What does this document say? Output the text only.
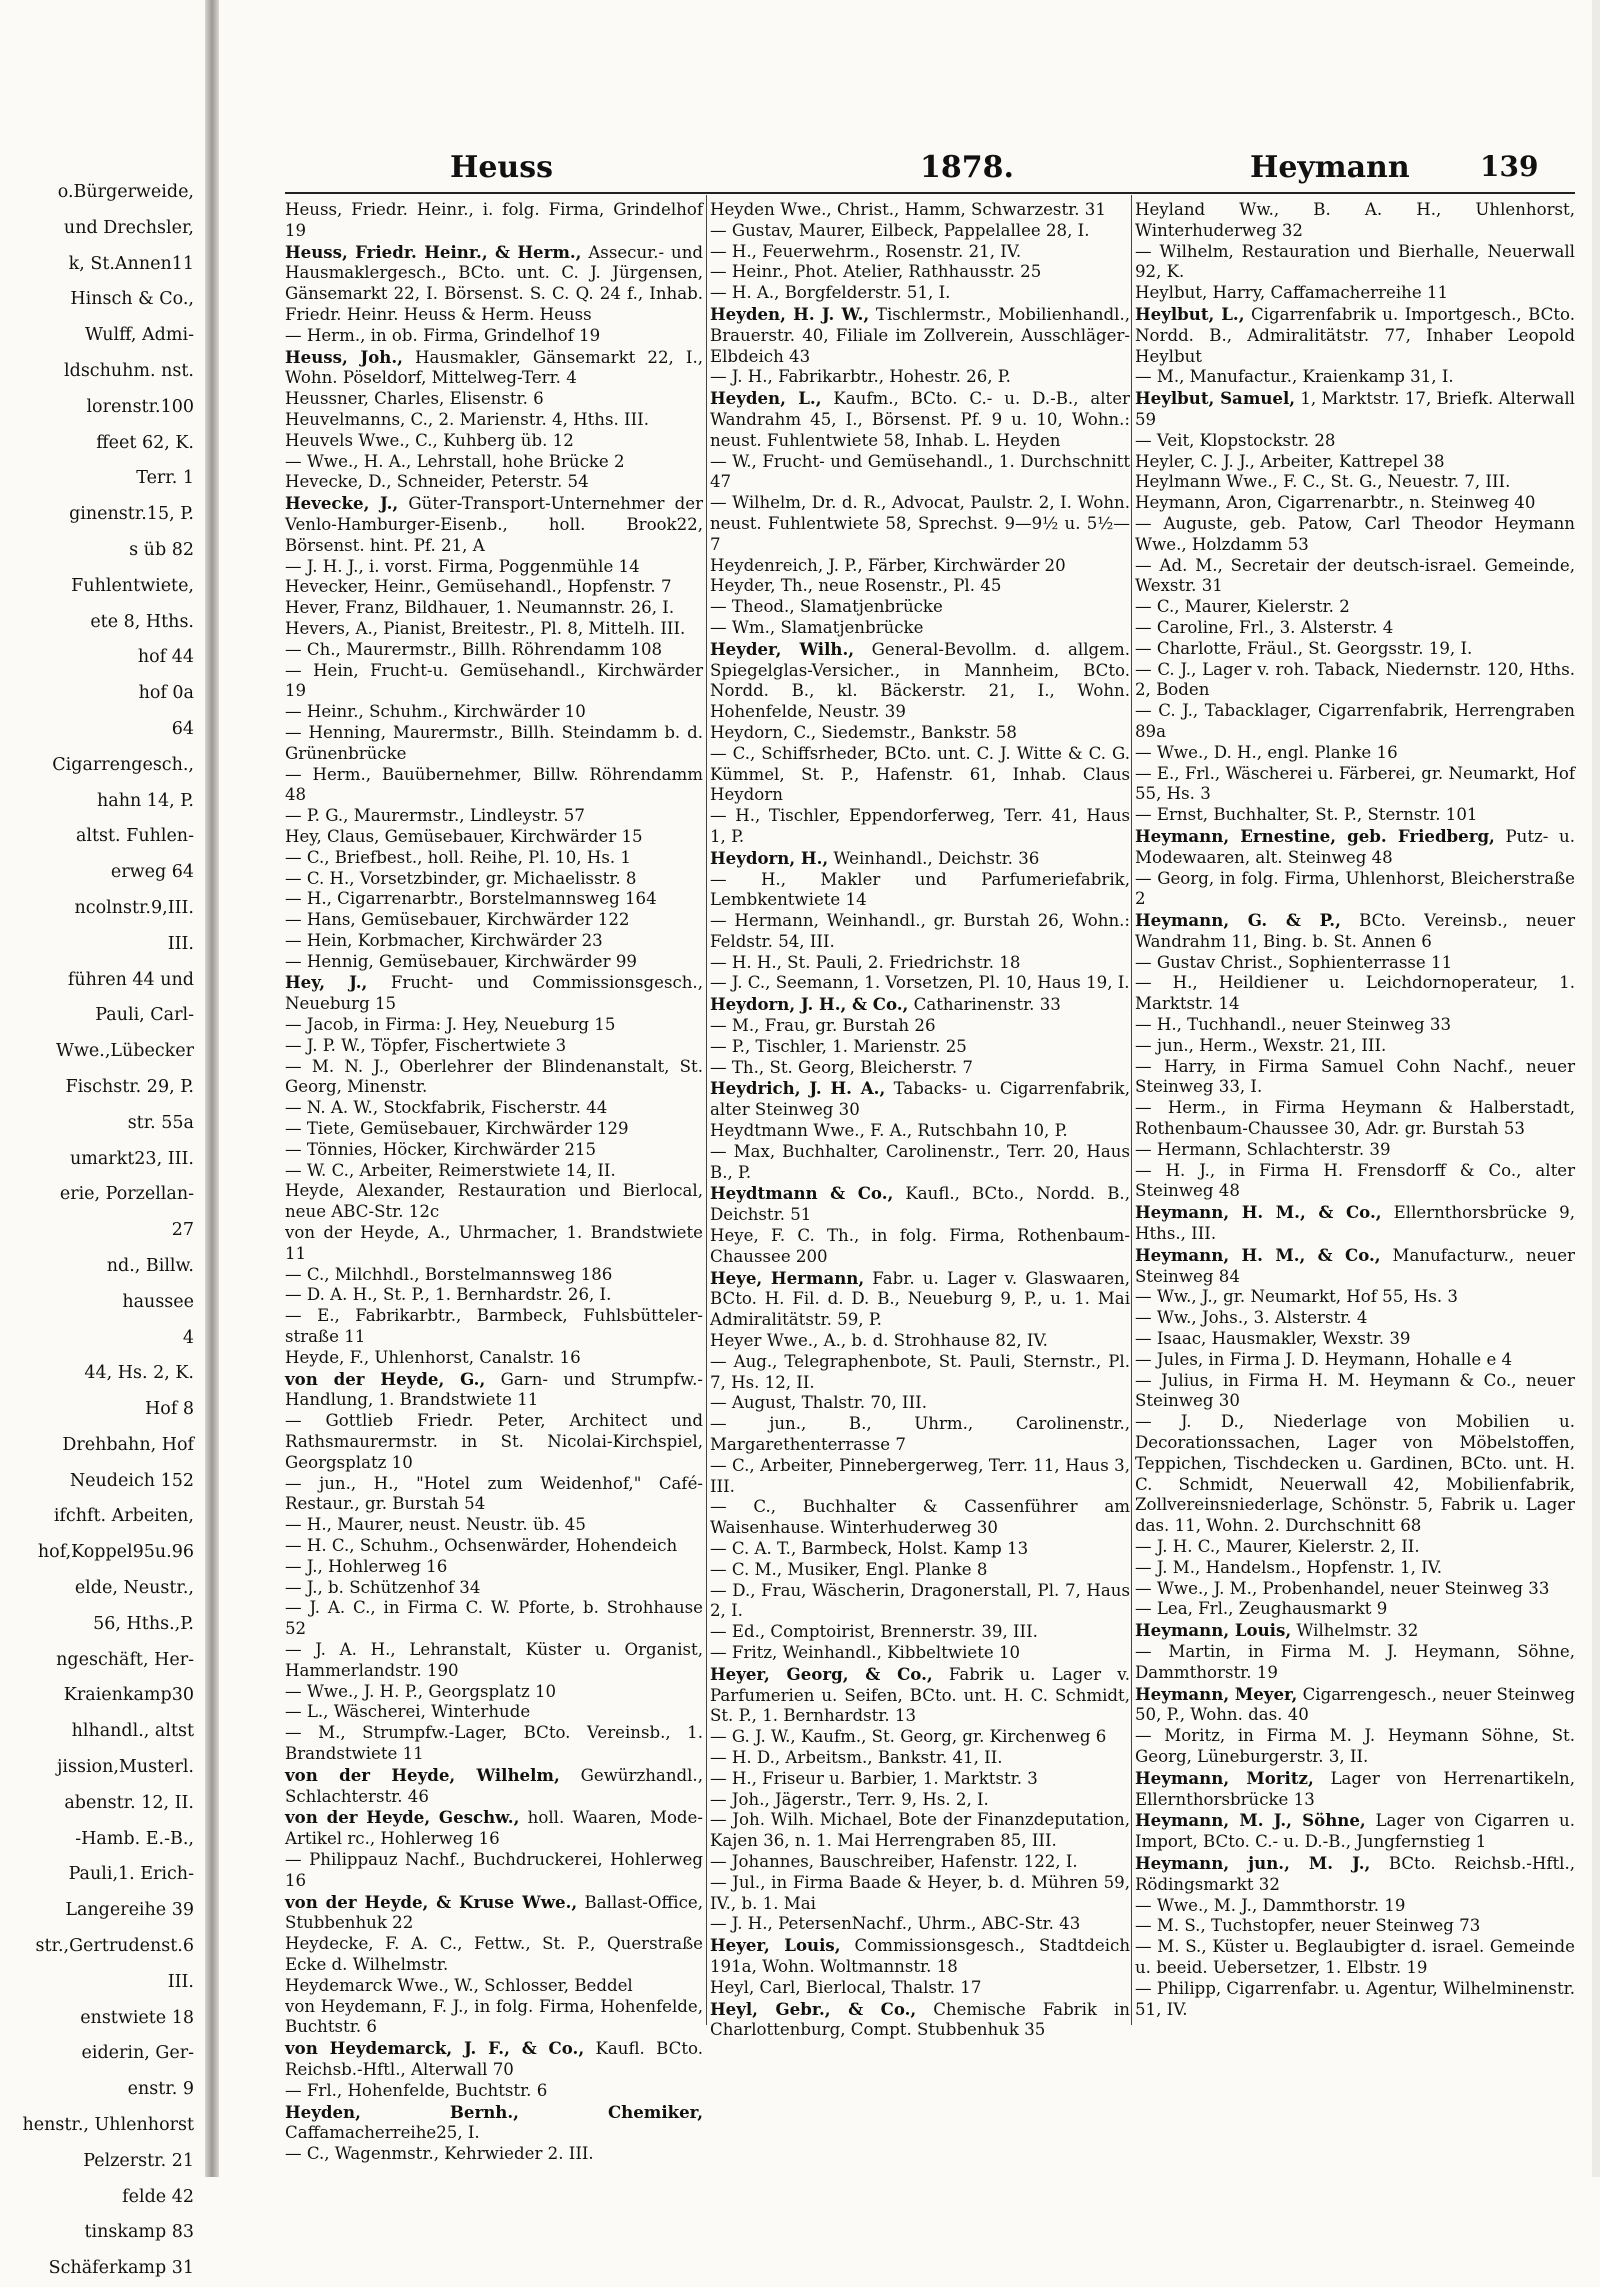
o.Bürgerweide,
und Drechsler,
k, St.Annen11
Hinsch & Co.,
Wulff, Admi-
ldschuhm. nst.
lorenstr.100
ffeet 62, K.
Terr. 1
ginenstr.15, P.
s üb 82
Fuhlentwiete,
ete 8, Hths.
hof 44
hof 0a
64
Cigarrengesch.,
hahn 14, P.
altst. Fuhlen-
erweg 64
ncolnstr.9,III.
III.
führen 44 und
Pauli, Carl-
Wwe.,Lübecker
Fischstr. 29, P.
str. 55a
umarkt23, III.
erie, Porzellan-
27
nd., Billw.
haussee
4
44, Hs. 2, K.
Hof 8
Drehbahn, Hof
Neudeich 152
ifchft. Arbeiten,
hof,Koppel95u.96
elde, Neustr.,
56, Hths.,P.
ngeschäft, Her-
Kraienkamp30
hlhandl., altst
jission,Musterl.
abenstr. 12, II.
-Hamb. E.-B.,
Pauli,1. Erich-
Langereihe 39
str.,Gertrudenst.6
III.
enstwiete 18
eiderin, Ger-
enstr. 9
henstr., Uhlenhorst
Pelzerstr. 21
felde 42
tinskamp 83
Schäferkamp 31
Heuss	1878.	Heymann	139
Heuss, Friedr. Heinr., i. folg. Firma, Grindelhof 19
Heuss, Friedr. Heinr., & Herm., Assecur.- und Hausmaklergesch., BCto. unt. C. J. Jürgensen, Gänsemarkt 22, I. Börsenst. S. C. Q. 24 f., Inhab. Friedr. Heinr. Heuss & Herm. Heuss
— Herm., in ob. Firma, Grindelhof 19
Heuss, Joh., Hausmakler, Gänsemarkt 22, I., Wohn. Pöseldorf, Mittelweg-Terr. 4
Heussner, Charles, Elisenstr. 6
Heuvelmanns, C., 2. Marienstr. 4, Hths. III.
Heuvels Wwe., C., Kuhberg üb. 12
— Wwe., H. A., Lehrstall, hohe Brücke 2
Hevecke, D., Schneider, Peterstr. 54
Hevecke, J., Güter-Transport-Unternehmer der Venlo-Hamburger-Eisenb., holl. Brook22, Börsenst. hint. Pf. 21, A
— J. H. J., i. vorst. Firma, Poggenmühle 14
Hevecker, Heinr., Gemüsehandl., Hopfenstr. 7
Hever, Franz, Bildhauer, 1. Neumannstr. 26, I.
Hevers, A., Pianist, Breitestr., Pl. 8, Mittelh. III.
— Ch., Maurermstr., Billh. Röhrendamm 108
— Hein, Frucht-u. Gemüsehandl., Kirchwärder 19
— Heinr., Schuhm., Kirchwärder 10
— Henning, Maurermstr., Billh. Steindamm b. d. Grünenbrücke
— Herm., Bauübernehmer, Billw. Röhrendamm 48
— P. G., Maurermstr., Lindleystr. 57
Hey, Claus, Gemüsebauer, Kirchwärder 15
— C., Briefbest., holl. Reihe, Pl. 10, Hs. 1
— C. H., Vorsetzbinder, gr. Michaelisstr. 8
— H., Cigarrenarbtr., Borstelmannsweg 164
— Hans, Gemüsebauer, Kirchwärder 122
— Hein, Korbmacher, Kirchwärder 23
— Hennig, Gemüsebauer, Kirchwärder 99
Hey, J., Frucht- und Commissionsgesch., Neueburg 15
— Jacob, in Firma: J. Hey, Neueburg 15
— J. P. W., Töpfer, Fischertwiete 3
— M. N. J., Oberlehrer der Blindenanstalt, St. Georg, Minenstr.
— N. A. W., Stockfabrik, Fischerstr. 44
— Tiete, Gemüsebauer, Kirchwärder 129
— Tönnies, Höcker, Kirchwärder 215
— W. C., Arbeiter, Reimerstwiete 14, II.
Heyde, Alexander, Restauration und Bierlocal, neue ABC-Str. 12c
von der Heyde, A., Uhrmacher, 1. Brandstwiete 11
— C., Milchhdl., Borstelmannsweg 186
— D. A. H., St. P., 1. Bernhardstr. 26, I.
— E., Fabrikarbtr., Barmbeck, Fuhlsbütteler-straße 11
Heyde, F., Uhlenhorst, Canalstr. 16
von der Heyde, G., Garn- und Strumpfw.-Handlung, 1. Brandstwiete 11
— Gottlieb Friedr. Peter, Architect und Rathsmaurermstr. in St. Nicolai-Kirchspiel, Georgsplatz 10
— jun., H., "Hotel zum Weidenhof," Café-Restaur., gr. Burstah 54
— H., Maurer, neust. Neustr. üb. 45
— H. C., Schuhm., Ochsenwärder, Hohendeich
— J., Hohlerweg 16
— J., b. Schützenhof 34
— J. A. C., in Firma C. W. Pforte, b. Strohhause 52
— J. A. H., Lehranstalt, Küster u. Organist, Hammerlandstr. 190
— Wwe., J. H. P., Georgsplatz 10
— L., Wäscherei, Winterhude
— M., Strumpfw.-Lager, BCto. Vereinsb., 1. Brandstwiete 11
von der Heyde, Wilhelm, Gewürzhandl., Schlachterstr. 46
von der Heyde, Geschw., holl. Waaren, Mode-Artikel rc., Hohlerweg 16
— Philippauz Nachf., Buchdruckerei, Hohlerweg 16
von der Heyde, & Kruse Wwe., Ballast-Office, Stubbenhuk 22
Heydecke, F. A. C., Fettw., St. P., Querstraße Ecke d. Wilhelmstr.
Heydemarck Wwe., W., Schlosser, Beddel
von Heydemann, F. J., in folg. Firma, Hohenfelde, Buchtstr. 6
von Heydemarck, J. F., & Co., Kaufl. BCto. Reichsb.-Hftl., Alterwall 70
— Frl., Hohenfelde, Buchtstr. 6
Heyden, Bernh., Chemiker, Caffamacherreihe25, I.
— C., Wagenmstr., Kehrwieder 2. III.
Heyden Wwe., Christ., Hamm, Schwarzestr. 31
— Gustav, Maurer, Eilbeck, Pappelallee 28, I.
— H., Feuerwehrm., Rosenstr. 21, IV.
— Heinr., Phot. Atelier, Rathhausstr. 25
— H. A., Borgfelderstr. 51, I.
Heyden, H. J. W., Tischlermstr., Mobilienhandl., Brauerstr. 40, Filiale im Zollverein, Ausschläger-Elbdeich 43
— J. H., Fabrikarbtr., Hohestr. 26, P.
Heyden, L., Kaufm., BCto. C.- u. D.-B., alter Wandrahm 45, I., Börsenst. Pf. 9 u. 10, Wohn.: neust. Fuhlentwiete 58, Inhab. L. Heyden
— W., Frucht- und Gemüsehandl., 1. Durchschnitt 47
— Wilhelm, Dr. d. R., Advocat, Paulstr. 2, I. Wohn. neust. Fuhlentwiete 58, Sprechst. 9—9½ u. 5½—7
Heydenreich, J. P., Färber, Kirchwärder 20
Heyder, Th., neue Rosenstr., Pl. 45
— Theod., Slamatjenbrücke
— Wm., Slamatjenbrücke
Heyder, Wilh., General-Bevollm. d. allgem. Spiegelglas-Versicher., in Mannheim, BCto. Nordd. B., kl. Bäckerstr. 21, I., Wohn. Hohenfelde, Neustr. 39
Heydorn, C., Siedemstr., Bankstr. 58
— C., Schiffsrheder, BCto. unt. C. J. Witte & C. G. Kümmel, St. P., Hafenstr. 61, Inhab. Claus Heydorn
— H., Tischler, Eppendorferweg, Terr. 41, Haus 1, P.
Heydorn, H., Weinhandl., Deichstr. 36
— H., Makler und Parfumeriefabrik, Lembkentwiete 14
— Hermann, Weinhandl., gr. Burstah 26, Wohn.: Feldstr. 54, III.
— H. H., St. Pauli, 2. Friedrichstr. 18
— J. C., Seemann, 1. Vorsetzen, Pl. 10, Haus 19, I.
Heydorn, J. H., & Co., Catharinenstr. 33
— M., Frau, gr. Burstah 26
— P., Tischler, 1. Marienstr. 25
— Th., St. Georg, Bleicherstr. 7
Heydrich, J. H. A., Tabacks- u. Cigarrenfabrik, alter Steinweg 30
Heydtmann Wwe., F. A., Rutschbahn 10, P.
— Max, Buchhalter, Carolinenstr., Terr. 20, Haus B., P.
Heydtmann & Co., Kaufl., BCto., Nordd. B., Deichstr. 51
Heye, F. C. Th., in folg. Firma, Rothenbaum-Chaussee 200
Heye, Hermann, Fabr. u. Lager v. Glaswaaren, BCto. H. Fil. d. D. B., Neueburg 9, P., u. 1. Mai Admiralitätstr. 59, P.
Heyer Wwe., A., b. d. Strohhause 82, IV.
— Aug., Telegraphenbote, St. Pauli, Sternstr., Pl. 7, Hs. 12, II.
— August, Thalstr. 70, III.
— jun., B., Uhrm., Carolinenstr., Margarethenterrasse 7
— C., Arbeiter, Pinnebergerweg, Terr. 11, Haus 3, III.
— C., Buchhalter & Cassenführer am Waisenhause. Winterhuderweg 30
— C. A. T., Barmbeck, Holst. Kamp 13
— C. M., Musiker, Engl. Planke 8
— D., Frau, Wäscherin, Dragonerstall, Pl. 7, Haus 2, I.
— Ed., Comptoirist, Brennerstr. 39, III.
— Fritz, Weinhandl., Kibbeltwiete 10
Heyer, Georg, & Co., Fabrik u. Lager v. Parfumerien u. Seifen, BCto. unt. H. C. Schmidt, St. P., 1. Bernhardstr. 13
— G. J. W., Kaufm., St. Georg, gr. Kirchenweg 6
— H. D., Arbeitsm., Bankstr. 41, II.
— H., Friseur u. Barbier, 1. Marktstr. 3
— Joh., Jägerstr., Terr. 9, Hs. 2, I.
— Joh. Wilh. Michael, Bote der Finanzdeputation, Kajen 36, n. 1. Mai Herrengraben 85, III.
— Johannes, Bauschreiber, Hafenstr. 122, I.
— Jul., in Firma Baade & Heyer, b. d. Mühren 59, IV., b. 1. Mai
— J. H., PetersenNachf., Uhrm., ABC-Str. 43
Heyer, Louis, Commissionsgesch., Stadtdeich 191a, Wohn. Woltmannstr. 18
Heyl, Carl, Bierlocal, Thalstr. 17
Heyl, Gebr., & Co., Chemische Fabrik in Charlottenburg, Compt. Stubbenhuk 35
Heyland Ww., B. A. H., Uhlenhorst, Winterhuderweg 32
— Wilhelm, Restauration und Bierhalle, Neuerwall 92, K.
Heylbut, Harry, Caffamacherreihe 11
Heylbut, L., Cigarrenfabrik u. Importgesch., BCto. Nordd. B., Admiralitätstr. 77, Inhaber Leopold Heylbut
— M., Manufactur., Kraienkamp 31, I.
Heylbut, Samuel, 1, Marktstr. 17, Briefk. Alterwall 59
— Veit, Klopstockstr. 28
Heyler, C. J. J., Arbeiter, Kattrepel 38
Heylmann Wwe., F. C., St. G., Neuestr. 7, III.
Heymann, Aron, Cigarrenarbtr., n. Steinweg 40
— Auguste, geb. Patow, Carl Theodor Heymann Wwe., Holzdamm 53
— Ad. M., Secretair der deutsch-israel. Gemeinde, Wexstr. 31
— C., Maurer, Kielerstr. 2
— Caroline, Frl., 3. Alsterstr. 4
— Charlotte, Fräul., St. Georgsstr. 19, I.
— C. J., Lager v. roh. Taback, Niedernstr. 120, Hths. 2, Boden
— C. J., Tabacklager, Cigarrenfabrik, Herrengraben 89a
— Wwe., D. H., engl. Planke 16
— E., Frl., Wäscherei u. Färberei, gr. Neumarkt, Hof 55, Hs. 3
— Ernst, Buchhalter, St. P., Sternstr. 101
Heymann, Ernestine, geb. Friedberg, Putz- u. Modewaaren, alt. Steinweg 48
— Georg, in folg. Firma, Uhlenhorst, Bleicherstraße 2
Heymann, G. & P., BCto. Vereinsb., neuer Wandrahm 11, Bing. b. St. Annen 6
— Gustav Christ., Sophienterrasse 11
— H., Heildiener u. Leichdornoperateur, 1. Marktstr. 14
— H., Tuchhandl., neuer Steinweg 33
— jun., Herm., Wexstr. 21, III.
— Harry, in Firma Samuel Cohn Nachf., neuer Steinweg 33, I.
— Herm., in Firma Heymann & Halberstadt, Rothenbaum-Chaussee 30, Adr. gr. Burstah 53
— Hermann, Schlachterstr. 39
— H. J., in Firma H. Frensdorff & Co., alter Steinweg 48
Heymann, H. M., & Co., Ellernthorsbrücke 9, Hths., III.
Heymann, H. M., & Co., Manufacturw., neuer Steinweg 84
— Ww., J., gr. Neumarkt, Hof 55, Hs. 3
— Ww., Johs., 3. Alsterstr. 4
— Isaac, Hausmakler, Wexstr. 39
— Jules, in Firma J. D. Heymann, Hohalle e 4
— Julius, in Firma H. M. Heymann & Co., neuer Steinweg 30
— J. D., Niederlage von Mobilien u. Decorationssachen, Lager von Möbelstoffen, Teppichen, Tischdecken u. Gardinen, BCto. unt. H. C. Schmidt, Neuerwall 42, Mobilienfabrik, Zollvereinsniederlage, Schönstr. 5, Fabrik u. Lager das. 11, Wohn. 2. Durchschnitt 68
— J. H. C., Maurer, Kielerstr. 2, II.
— J. M., Handelsm., Hopfenstr. 1, IV.
— Wwe., J. M., Probenhandel, neuer Steinweg 33
— Lea, Frl., Zeughausmarkt 9
Heymann, Louis, Wilhelmstr. 32
— Martin, in Firma M. J. Heymann, Söhne, Dammthorstr. 19
Heymann, Meyer, Cigarrengesch., neuer Steinweg 50, P., Wohn. das. 40
— Moritz, in Firma M. J. Heymann Söhne, St. Georg, Lüneburgerstr. 3, II.
Heymann, Moritz, Lager von Herrenartikeln, Ellernthorsbrücke 13
Heymann, M. J., Söhne, Lager von Cigarren u. Import, BCto. C.- u. D.-B., Jungfernstieg 1
Heymann, jun., M. J., BCto. Reichsb.-Hftl., Rödingsmarkt 32
— Wwe., M. J., Dammthorstr. 19
— M. S., Tuchstopfer, neuer Steinweg 73
— M. S., Küster u. Beglaubigter d. israel. Gemeinde u. beeid. Uebersetzer, 1. Elbstr. 19
— Philipp, Cigarrenfabr. u. Agentur, Wilhelminenstr. 51, IV.
